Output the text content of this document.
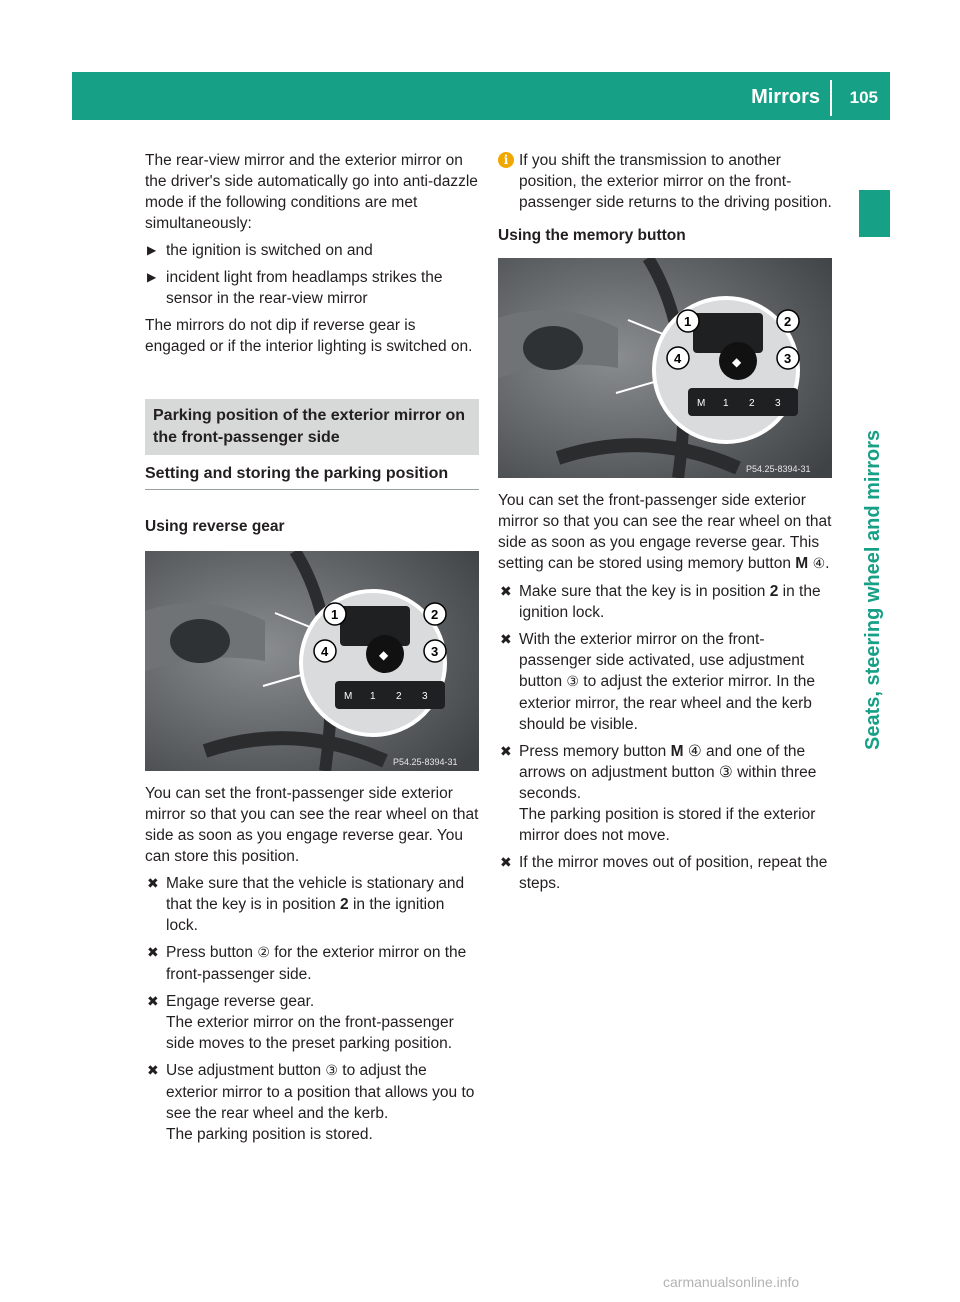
Mirrors 105
Seats, steering wheel and mirrors

The rear-view mirror and the exterior mirror on the driver's side automatically go into anti-dazzle mode if the following conditions are met simultaneously:

▶ the ignition is switched on and
▶ incident light from headlamps strikes the sensor in the rear-view mirror

The mirrors do not dip if reverse gear is engaged or if the interior lighting is switched on.

Parking position of the exterior mirror on the front-passenger side
Setting and storing the parking position
Using reverse gear
◆
M 1 2 3
1	2
3
4
P54.25-8394-31

You can set the front-passenger side exterior mirror so that you can see the rear wheel on that side as soon as you engage reverse gear. You can store this position.

✖ Make sure that the vehicle is stationary and that the key is in position 2 in the ignition lock.
✖ Press button ② for the exterior mirror on the front-passenger side.
✖ Engage reverse gear.
The exterior mirror on the front-passenger side moves to the preset parking position.
✖ Use adjustment button ③ to adjust the exterior mirror to a position that allows you to see the rear wheel and the kerb.
The parking position is stored.
i If you shift the transmission to another position, the exterior mirror on the front-passenger side returns to the driving position.
Using the memory button
◆
M 1 2 3
1	2
3
4
P54.25-8394-31

You can set the front-passenger side exterior mirror so that you can see the rear wheel on that side as soon as you engage reverse gear. This setting can be stored using memory button M ④.

✖ Make sure that the key is in position 2 in the ignition lock.
✖ With the exterior mirror on the front-passenger side activated, use adjustment button ③ to adjust the exterior mirror. In the exterior mirror, the rear wheel and the kerb should be visible.
✖ Press memory button M ④ and one of the arrows on adjustment button ③ within three seconds.
The parking position is stored if the exterior mirror does not move.
✖ If the mirror moves out of position, repeat the steps.
carmanualsonline.info
